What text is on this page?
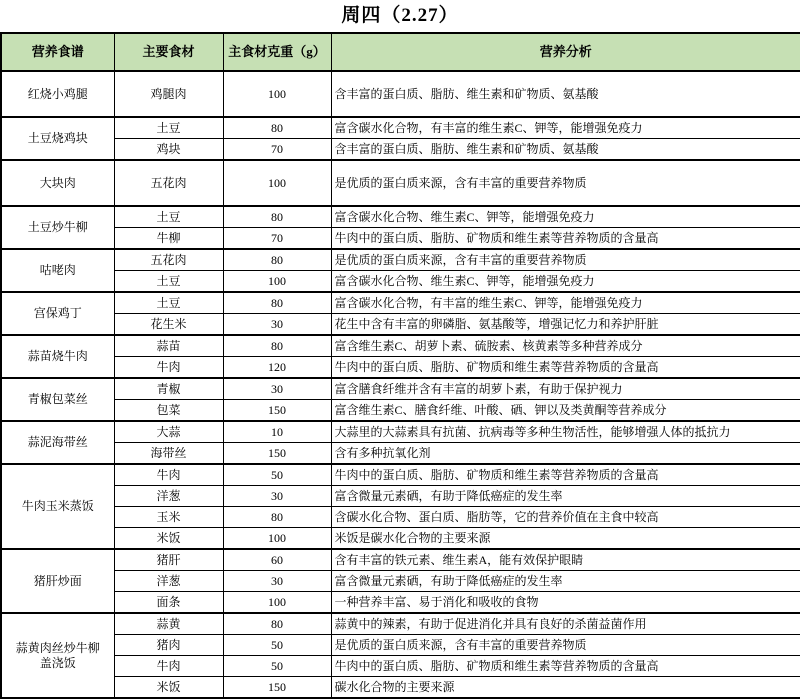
周四（2.27）
营养食谱	主要食材	主食材克重（g）	营养分析
红烧小鸡腿	鸡腿肉	100	含丰富的蛋白质、脂肪、维生素和矿物质、氨基酸
土豆烧鸡块	土豆	80	富含碳水化合物，有丰富的维生素C、钾等，能增强免疫力
	鸡块	70	含丰富的蛋白质、脂肪、维生素和矿物质、氨基酸
大块肉	五花肉	100	是优质的蛋白质来源，含有丰富的重要营养物质
土豆炒牛柳	土豆	80	富含碳水化合物、维生素C、钾等，能增强免疫力
	牛柳	70	牛肉中的蛋白质、脂肪、矿物质和维生素等营养物质的含量高
咕咾肉	五花肉	80	是优质的蛋白质来源，含有丰富的重要营养物质
	土豆	100	富含碳水化合物、维生素C、钾等，能增强免疫力
宫保鸡丁	土豆	80	富含碳水化合物，有丰富的维生素C、钾等，能增强免疫力
	花生米	30	花生中含有丰富的卵磷脂、氨基酸等，增强记忆力和养护肝脏
蒜苗烧牛肉	蒜苗	80	富含维生素C、胡萝卜素、硫胺素、核黄素等多种营养成分
	牛肉	120	牛肉中的蛋白质、脂肪、矿物质和维生素等营养物质的含量高
青椒包菜丝	青椒	30	富含膳食纤维并含有丰富的胡萝卜素，有助于保护视力
	包菜	150	富含维生素C、膳食纤维、叶酸、硒、钾以及类黄酮等营养成分
蒜泥海带丝	大蒜	10	大蒜里的大蒜素具有抗菌、抗病毒等多种生物活性，能够增强人体的抵抗力
	海带丝	150	含有多种抗氧化剂
牛肉玉米蒸饭	牛肉	50	牛肉中的蛋白质、脂肪、矿物质和维生素等营养物质的含量高
	洋葱	30	富含微量元素硒，有助于降低癌症的发生率
	玉米	80	含碳水化合物、蛋白质、脂肪等，它的营养价值在主食中较高
	米饭	100	米饭是碳水化合物的主要来源
猪肝炒面	猪肝	60	含有丰富的铁元素、维生素A，能有效保护眼睛
	洋葱	30	富含微量元素硒，有助于降低癌症的发生率
	面条	100	一种营养丰富、易于消化和吸收的食物
蒜黄肉丝炒牛柳盖浇饭	蒜黄	80	蒜黄中的辣素，有助于促进消化并具有良好的杀菌益菌作用
	猪肉	50	是优质的蛋白质来源，含有丰富的重要营养物质
	牛肉	50	牛肉中的蛋白质、脂肪、矿物质和维生素等营养物质的含量高
	米饭	150	碳水化合物的主要来源
